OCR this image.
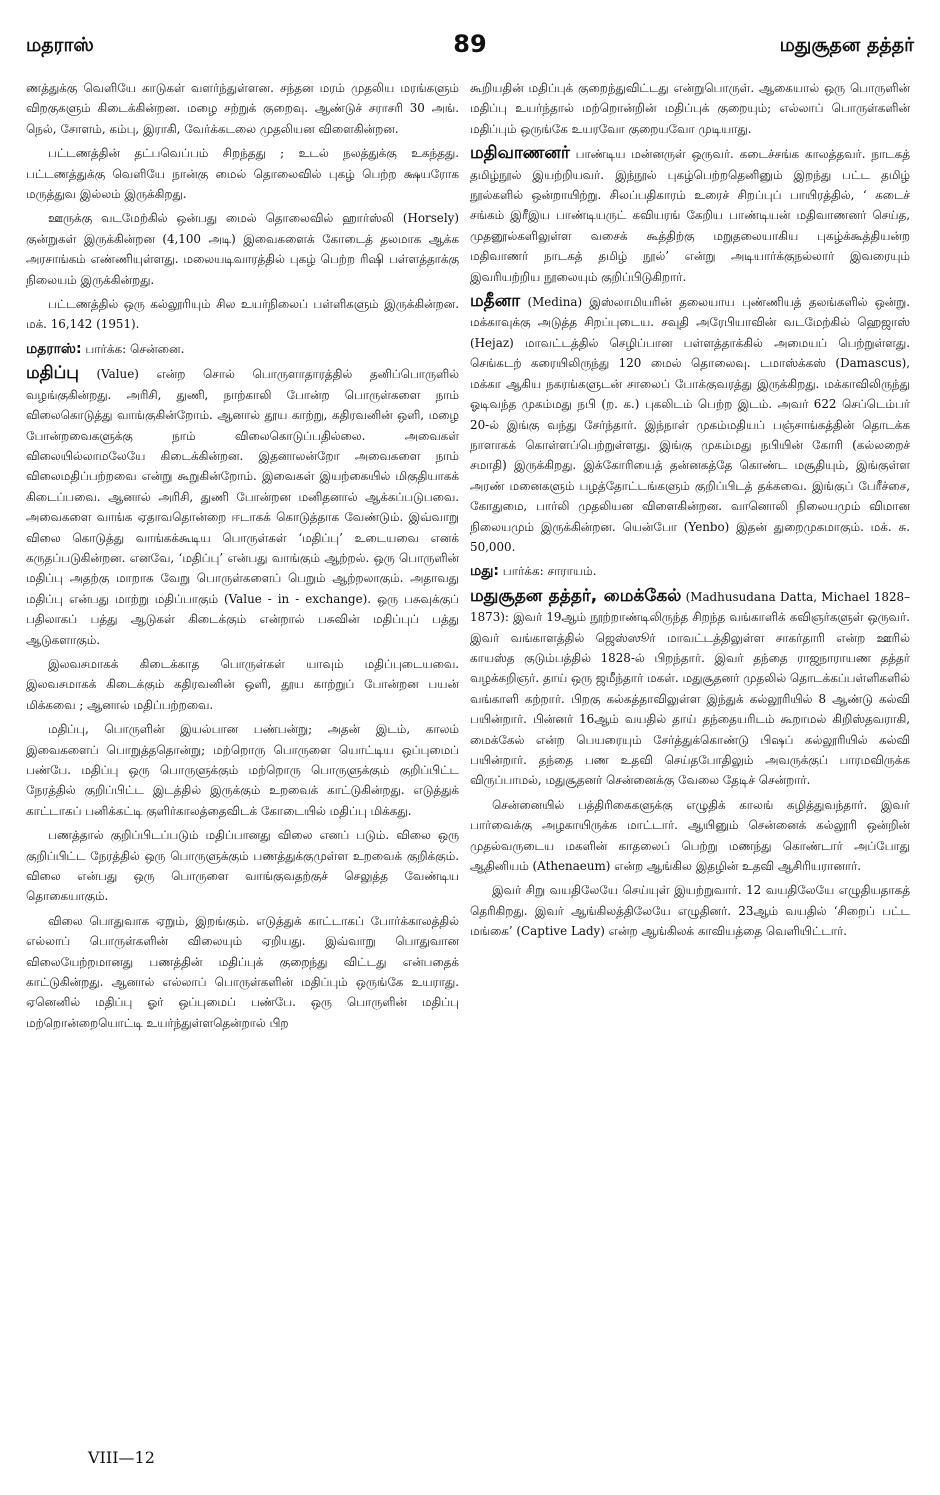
மதராஸ்	89	மதுசூதன தத்தர்

ணத்துக்கு வெளியே காடுகள் வளர்ந்துள்ளன. சந்தன மரம் முதலிய மரங்களும் விறகுகளும் கிடைக்கின்றன. மழை சற்றுக் குறைவு. ஆண்டுச் சராசரி 30 அங். நெல், சோளம், கம்பு, இராகி, வேர்க்கடலை முதலியன விளைகின்றன.

பட்டணத்தின் தட்பவெப்பம் சிறந்தது ; உடல் நலத்துக்கு உகந்தது. பட்டணத்துக்கு வெளியே நான்கு மைல் தொலைவில் புகழ் பெற்ற க்ஷயரோக மருத்துவ இல்லம் இருக்கிறது.

ஊருக்கு வடமேற்கில் ஒன்பது மைல் தொலைவில் ஹார்ஸ்லி (Horsely) குன்றுகள் இருக்கின்றன (4,100 அடி) இவைகளைக் கோடைத் தலமாக ஆக்க அரசாங்கம் எண்ணியுள்ளது. மலையடிவாரத்தில் புகழ் பெற்ற ரிஷி பள்ளத்தாக்கு நிலையம் இருக்கின்றது.

பட்டணத்தில் ஒரு கல்லூரியும் சில உயர்நிலைப் பள்ளிகளும் இருக்கின்றன. மக். 16,142 (1951).

மதராஸ்: பார்க்க: சென்னை.

மதிப்பு (Value) என்ற சொல் பொருளாதாரத்தில் தனிப்பொருளில் வழங்குகின்றது. அரிசி, துணி, நாற்காலி போன்ற பொருள்களை நாம் விலைகொடுத்து வாங்குகின்றோம். ஆனால் தூய காற்று, கதிரவனின் ஒளி, மழை போன்றவைகளுக்கு நாம் விலைகொடுப்பதில்லை. அவைகள் விலையில்லாமலேயே கிடைக்கின்றன. இதனாலன்றோ அவைகளை நாம் விலைமதிப்பற்றவை என்று கூறுகின்றோம். இவைகள் இயற்கையில் மிகுதியாகக் கிடைப்பவை. ஆனால் அரிசி, துணி போன்றன மனிதனால் ஆக்கப்படுபவை. அவைகளை வாங்க ஏதாவதொன்றை ஈடாகக் கொடுத்தாக வேண்டும். இவ்வாறு விலை கொடுத்து வாங்கக்கூடிய பொருள்கள் ‘மதிப்பு’ உடையவை எனக் கருதப்படுகின்றன. எனவே, ‘மதிப்பு’ என்பது வாங்கும் ஆற்றல். ஒரு பொருளின் மதிப்பு அதற்கு மாறாக வேறு பொருள்களைப் பெறும் ஆற்றலாகும். அதாவது மதிப்பு என்பது மாற்று மதிப்பாகும் (Value - in - exchange). ஒரு பசுவுக்குப் பதிலாகப் பத்து ஆடுகள் கிடைக்கும் என்றால் பசுவின் மதிப்புப் பத்து ஆடுகளாகும்.

இலவசமாகக் கிடைக்காத பொருள்கள் யாவும் மதிப்புடையவை. இலவசமாகக் கிடைக்கும் கதிரவனின் ஒளி, தூய காற்றுப் போன்றன பயன் மிக்கவை ; ஆனால் மதிப்பற்றவை.

மதிப்பு, பொருளின் இயல்பான பண்பன்று; அதன் இடம், காலம் இவைகளைப் பொறுத்ததொன்று; மற்றொரு பொருளை யொட்டிய ஒப்புமைப் பண்பே. மதிப்பு ஒரு பொருளுக்கும் மற்றொரு பொருளுக்கும் குறிப்பிட்ட நேரத்தில் குறிப்பிட்ட இடத்தில் இருக்கும் உறவைக் காட்டுகின்றது. எடுத்துக் காட்டாகப் பனிக்கட்டி குளிர்காலத்தைவிடக் கோடையில் மதிப்பு மிக்கது.

பணத்தால் குறிப்பிடப்படும் மதிப்பானது விலை எனப் படும். விலை ஒரு குறிப்பிட்ட நேரத்தில் ஒரு பொருளுக்கும் பணத்துக்குமுள்ள உறவைக் குறிக்கும். விலை என்பது ஒரு பொருளை வாங்குவதற்குச் செலுத்த வேண்டிய தொகையாகும்.

விலை பொதுவாக ஏறும், இறங்கும். எடுத்துக் காட்டாகப் போர்க்காலத்தில் எல்லாப் பொருள்களின் விலையும் ஏறியது. இவ்வாறு பொதுவான விலையேற்றமானது பணத்தின் மதிப்புக் குறைந்து விட்டது என்பதைக் காட்டுகின்றது. ஆனால் எல்லாப் பொருள்களின் மதிப்பும் ஒருங்கே உயராது. ஏனெனில் மதிப்பு ஓர் ஒப்புமைப் பண்பே. ஒரு பொருளின் மதிப்பு மற்றொன்றையொட்டி உயர்ந்துள்ளதென்றால் பிற

கூறியதின் மதிப்புக் குறைந்துவிட்டது என்றுபொருள். ஆகையால் ஒரு பொருளின் மதிப்பு உயர்ந்தால் மற்றொன்றின் மதிப்புக் குறையும்; எல்லாப் பொருள்களின் மதிப்பும் ஒருங்கே உயரவோ குறையவோ முடியாது.

மதிவாணனர் பாண்டிய மன்னருள் ஒருவர். கடைச்சங்க காலத்தவர். நாடகத் தமிழ்நூல் இயற்றியவர். இந்நூல் புகழ்பெற்றதெனினும் இறந்து பட்ட தமிழ் நூல்களில் ஒன்றாயிற்று. சிலப்பதிகாரம் உரைச் சிறப்புப் பாயிரத்தில், ‘ கடைச் சங்கம் இரீஇய பாண்டியருட் கவியரங் கேறிய பாண்டியன் மதிவாணனர் செய்த, முதனூல்களிலுள்ள வசைக் கூத்திற்கு மறுதலையாகிய புகழ்க்கூத்தியன்ற மதிவாணர் நாடகத் தமிழ் நூல்’ என்று அடியார்க்குநல்லார் இவரையும் இவரியற்றிய நூலையும் குறிப்பிடுகிறார்.

மதீனா (Medina) இஸ்லாமியரின் தலையாய புண்ணியத் தலங்களில் ஒன்று. மக்காவுக்கு அடுத்த சிறப்புடைய. சவுதி அரேபியாவின் வடமேற்கில் ஹெஜாஸ் (Hejaz) மாவட்டத்தில் செழிப்பான பள்ளத்தாக்கில் அமையப் பெற்றுள்ளது. செங்கடற் கரையிலிருந்து 120 மைல் தொலைவு. டமாஸ்க்கஸ் (Damascus), மக்கா ஆகிய நகரங்களுடன் சாலைப் போக்குவரத்து இருக்கிறது. மக்காவிலிருந்து ஓடிவந்த முகம்மது நபி (ற. க.) புகலிடம் பெற்ற இடம். அவர் 622 செப்டெம்பர் 20-ல் இங்கு வந்து சேர்ந்தார். இந்நாள் முகம்மதியப் பஞ்சாங்கத்தின் தொடக்க நாளாகக் கொள்ளப்பெற்றுள்ளது. இங்கு முகம்மது நபியின் கோரி (கல்லறைச் சமாதி) இருக்கிறது. இக்கோரியைத் தன்னகத்தே கொண்ட மசூதியும், இங்குள்ள அரண் மனைகளும் பழத்தோட்டங்களும் குறிப்பிடத் தக்கவை. இங்குப் பேரீச்சை, கோதுமை, பார்லி முதலியன விளைகின்றன. வானொலி நிலையமும் விமான நிலையமும் இருக்கின்றன. யென்போ (Yenbo) இதன் துறைமுகமாகும். மக். சு. 50,000.

மது: பார்க்க: சாராயம்.

மதுசூதன தத்தர், மைக்கேல் (Madhusudana Datta, Michael 1828–1873): இவர் 19ஆம் நூற்றாண்டிலிருந்த சிறந்த வங்காளிக் கவிஞர்களுள் ஒருவர். இவர் வங்காளத்தில் ஜெஸ்ஸூர் மாவட்டத்திலுள்ள சாகர்தாரி என்ற ஊரில் காயஸ்த குடும்பத்தில் 1828-ல் பிறந்தார். இவர் தந்தை ராஜநாராயண தத்தர் வழக்கறிஞர். தாய் ஒரு ஜமீந்தார் மகள். மதுசூதனர் முதலில் தொடக்கப்பள்ளிகளில் வங்காளி கற்றார். பிறகு கல்கத்தாவிலுள்ள இந்துக் கல்லூரியில் 8 ஆண்டு கல்வி பயின்றார். பின்னர் 16ஆம் வயதில் தாய் தந்தையரிடம் கூறாமல் கிறிஸ்தவராகி, மைக்கேல் என்ற பெயரையும் சேர்த்துக்கொண்டு பிஷப் கல்லூரியில் கல்வி பயின்றார். தந்தை பண உதவி செய்தபோதிலும் அவருக்குப் பாரமவிருக்க விருப்பாமல், மதுசூதனர் சென்னைக்கு வேலை தேடிச் சென்றார்.

சென்னையில் பத்திரிகைகளுக்கு எழுதிக் காலங் கழித்துவந்தார். இவர் பார்வைக்கு அழகாயிருக்க மாட்டார். ஆயினும் சென்னைக் கல்லூரி ஒன்றின் முதல்வருடைய மகளின் காதலைப் பெற்று மணந்து கொண்டார் அப்போது ஆதினியம் (Athenaeum) என்ற ஆங்கில இதழின் உதவி ஆசிரியரானார்.

இவர் சிறு வயதிலேயே செய்யுள் இயற்றுவார். 12 வயதிலேயே எழுதியதாகத் தெரிகிறது. இவர் ஆங்கிலத்திலேயே எழுதினர். 23ஆம் வயதில் ‘சிறைப் பட்ட மங்கை’ (Captive Lady) என்ற ஆங்கிலக் காவியத்தை வெளியிட்டார்.

VIII—12
